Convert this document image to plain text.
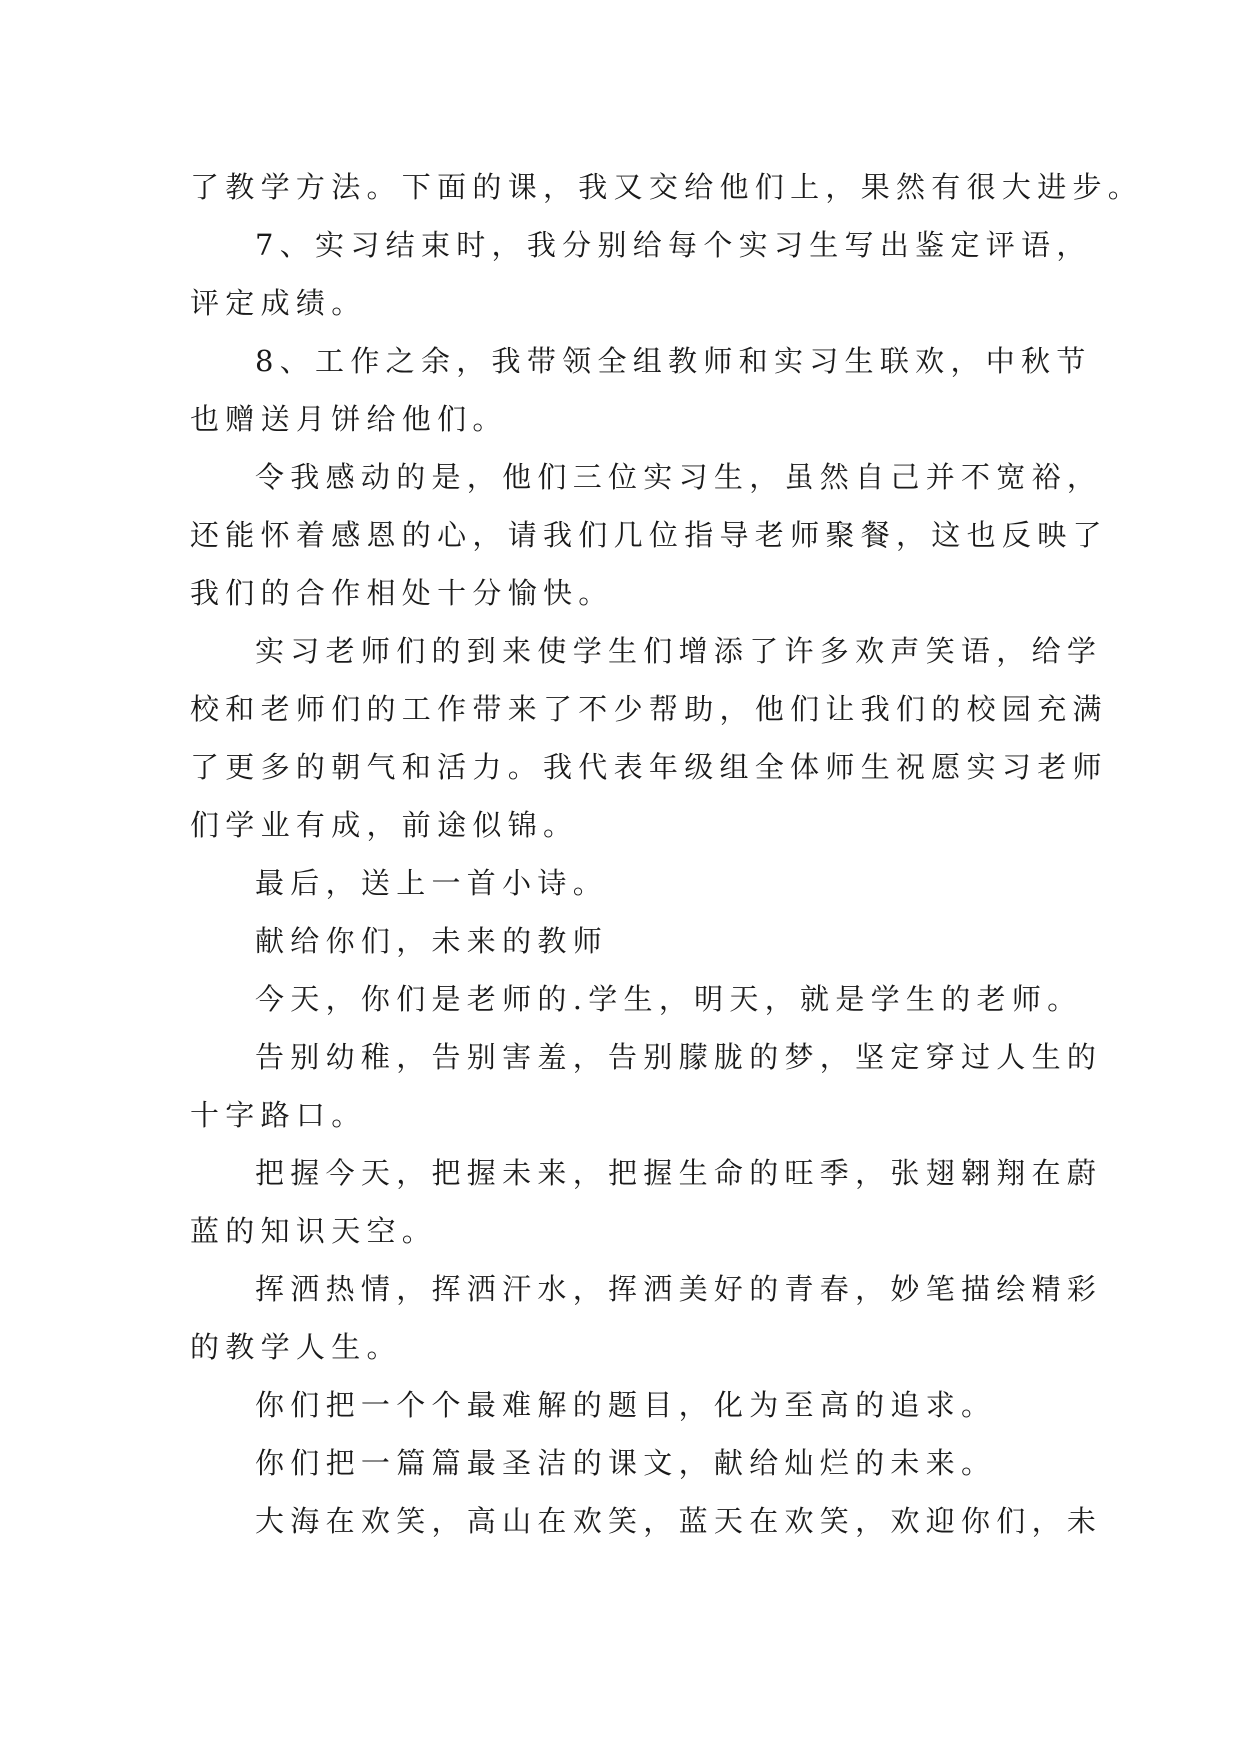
了教学方法。下面的课，我又交给他们上，果然有很大进步。
7、实习结束时，我分别给每个实习生写出鉴定评语，
评定成绩。
8、工作之余，我带领全组教师和实习生联欢，中秋节
也赠送月饼给他们。
令我感动的是，他们三位实习生，虽然自己并不宽裕，
还能怀着感恩的心，请我们几位指导老师聚餐，这也反映了
我们的合作相处十分愉快。
实习老师们的到来使学生们增添了许多欢声笑语，给学
校和老师们的工作带来了不少帮助，他们让我们的校园充满
了更多的朝气和活力。我代表年级组全体师生祝愿实习老师
们学业有成，前途似锦。
最后，送上一首小诗。
献给你们，未来的教师
今天，你们是老师的.学生，明天，就是学生的老师。
告别幼稚，告别害羞，告别朦胧的梦，坚定穿过人生的
十字路口。
把握今天，把握未来，把握生命的旺季，张翅翱翔在蔚
蓝的知识天空。
挥洒热情，挥洒汗水，挥洒美好的青春，妙笔描绘精彩
的教学人生。
你们把一个个最难解的题目，化为至高的追求。
你们把一篇篇最圣洁的课文，献给灿烂的未来。
大海在欢笑，高山在欢笑，蓝天在欢笑，欢迎你们，未
